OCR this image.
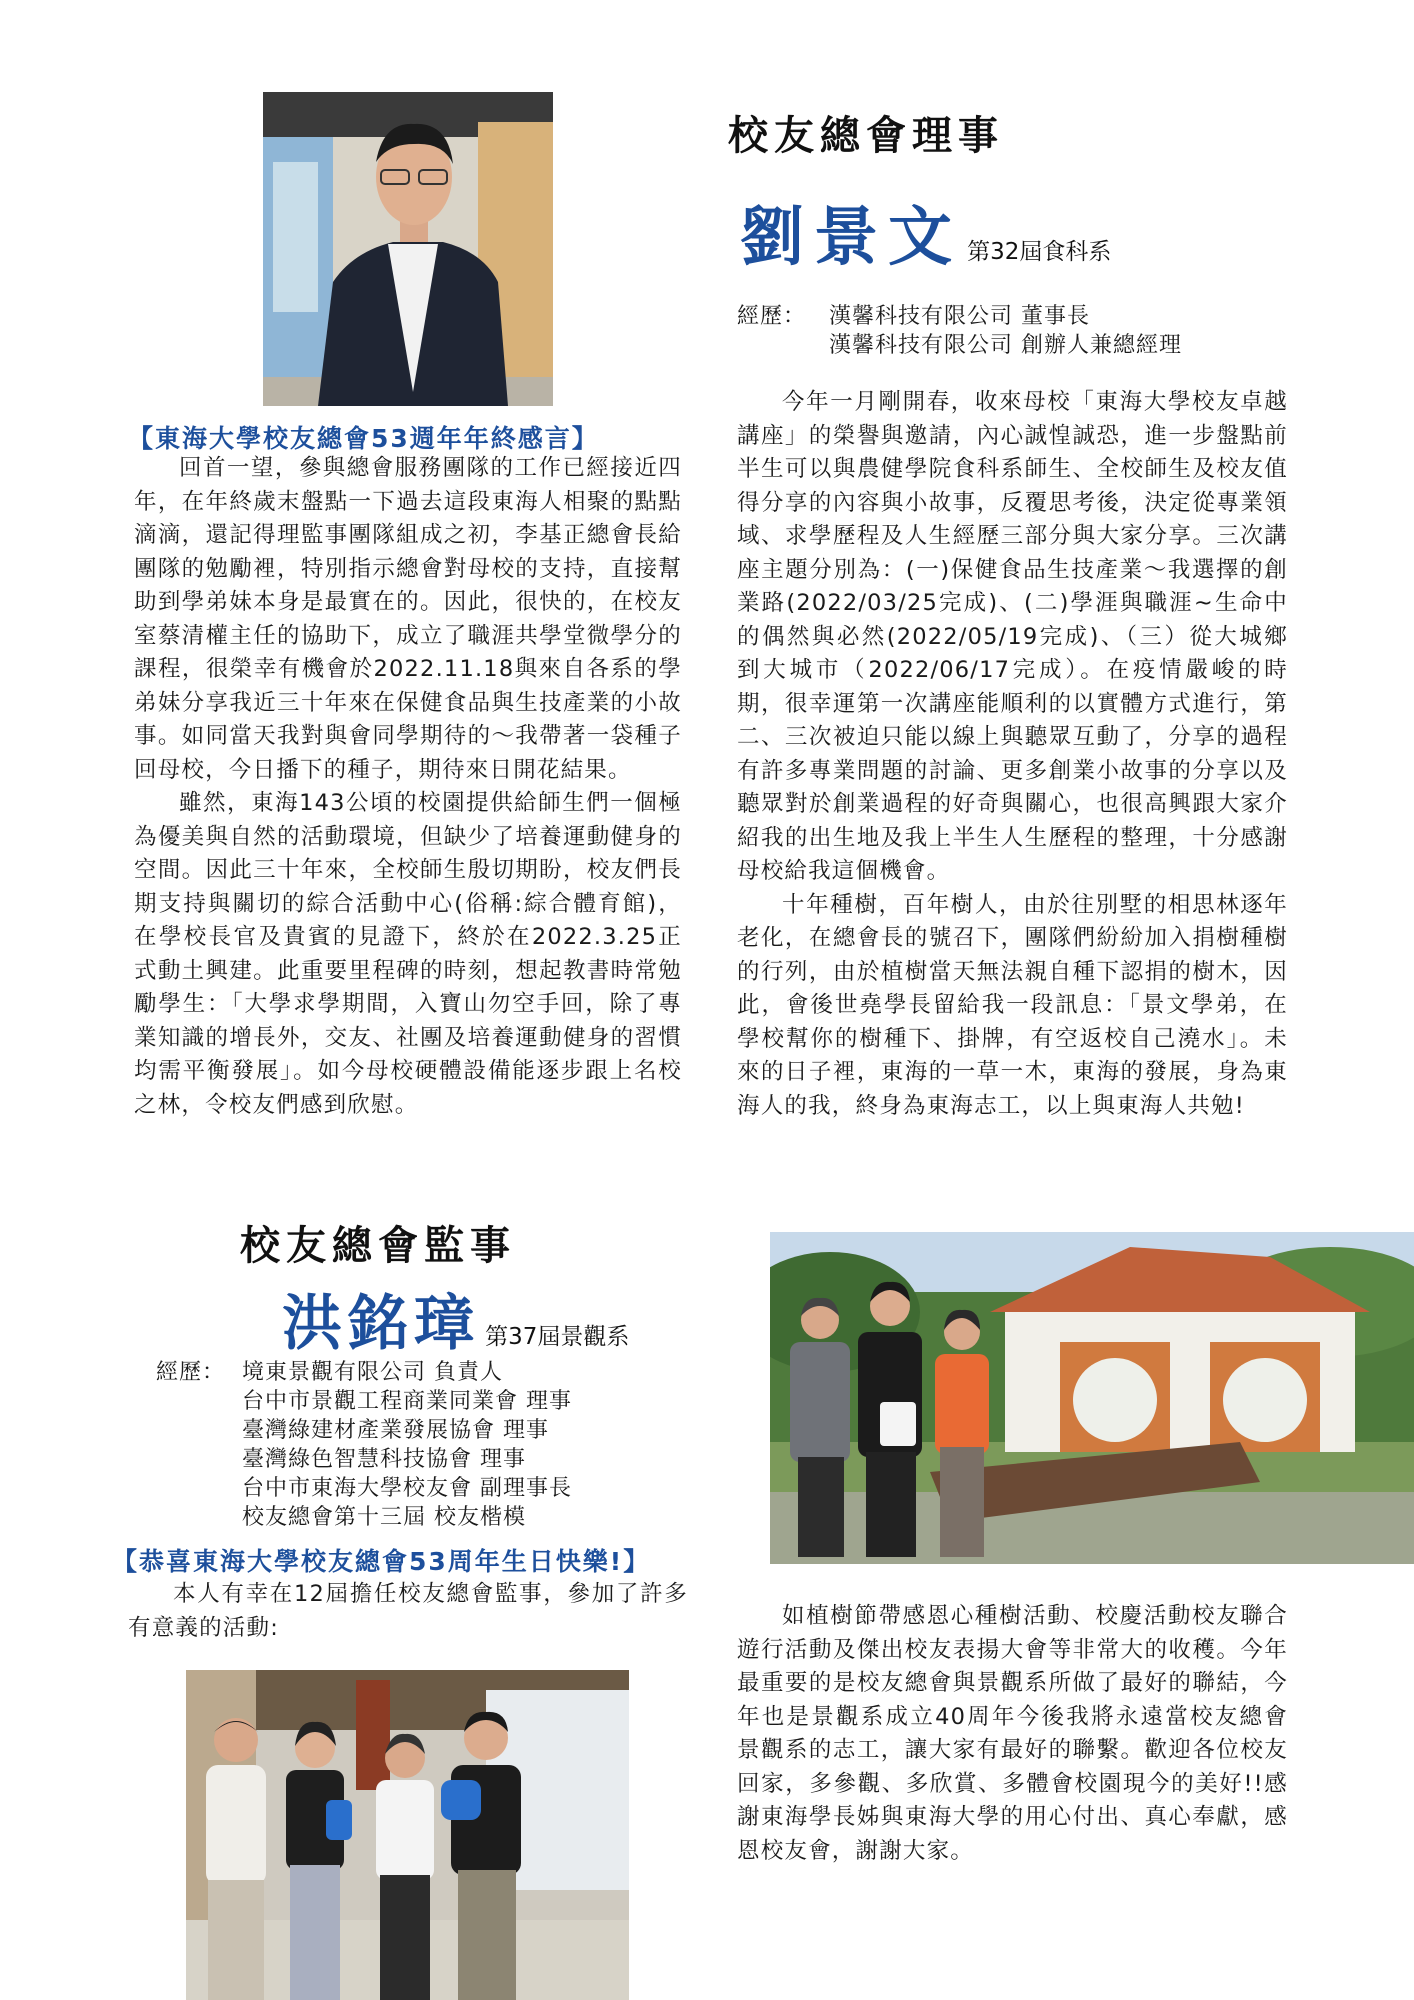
校友總會理事
劉景文 第32屆食科系
經歷： 漢馨科技有限公司 董事長
漢馨科技有限公司 創辦人兼總經理
【東海大學校友總會53週年年終感言】

回首一望，參與總會服務團隊的工作已經接近四年，在年終歲末盤點一下過去這段東海人相聚的點點滴滴，還記得理監事團隊組成之初，李基正總會長給團隊的勉勵裡，特別指示總會對母校的支持，直接幫助到學弟妹本身是最實在的。因此，很快的，在校友室蔡清權主任的協助下，成立了職涯共學堂微學分的課程，很榮幸有機會於2022.11.18與來自各系的學弟妹分享我近三十年來在保健食品與生技產業的小故事。如同當天我對與會同學期待的～我帶著一袋種子回母校，今日播下的種子，期待來日開花結果。

雖然，東海143公頃的校園提供給師生們一個極為優美與自然的活動環境，但缺少了培養運動健身的空間。因此三十年來，全校師生殷切期盼，校友們長期支持與關切的綜合活動中心(俗稱:綜合體育館)，在學校長官及貴賓的見證下，終於在2022.3.25正式動土興建。此重要里程碑的時刻，想起教書時常勉勵學生：「大學求學期間，入寶山勿空手回，除了專業知識的增長外，交友、社團及培養運動健身的習慣均需平衡發展」。如今母校硬體設備能逐步跟上名校之林，令校友們感到欣慰。

今年一月剛開春，收來母校「東海大學校友卓越講座」的榮譽與邀請，內心誠惶誠恐，進一步盤點前半生可以與農健學院食科系師生、全校師生及校友值得分享的內容與小故事，反覆思考後，決定從專業領域、求學歷程及人生經歷三部分與大家分享。三次講座主題分別為：(一)保健食品生技產業～我選擇的創業路(2022/03/25完成)、(二)學涯與職涯~生命中的偶然與必然(2022/05/19完成)、（三）從大城鄉到大城市（2022/06/17完成）。在疫情嚴峻的時期，很幸運第一次講座能順利的以實體方式進行，第二、三次被迫只能以線上與聽眾互動了，分享的過程有許多專業問題的討論、更多創業小故事的分享以及聽眾對於創業過程的好奇與關心，也很高興跟大家介紹我的出生地及我上半生人生歷程的整理，十分感謝母校給我這個機會。

十年種樹，百年樹人，由於往別墅的相思林逐年老化，在總會長的號召下，團隊們紛紛加入捐樹種樹的行列，由於植樹當天無法親自種下認捐的樹木，因此，會後世堯學長留給我一段訊息：「景文學弟，在學校幫你的樹種下、掛牌，有空返校自己澆水」。未來的日子裡，東海的一草一木，東海的發展，身為東海人的我，終身為東海志工，以上與東海人共勉!

校友總會監事
洪銘璋 第37屆景觀系
經歷： 境東景觀有限公司 負責人
台中市景觀工程商業同業會 理事
臺灣綠建材產業發展協會 理事
臺灣綠色智慧科技協會 理事
台中市東海大學校友會 副理事長
校友總會第十三屆 校友楷模
【恭喜東海大學校友總會53周年生日快樂!】

本人有幸在12屆擔任校友總會監事，參加了許多有意義的活動:	如植樹節帶感恩心種樹活動、校慶活動校友聯合遊行活動及傑出校友表揚大會等非常大的收穫。今年最重要的是校友總會與景觀系所做了最好的聯結，今年也是景觀系成立40周年今後我將永遠當校友總會景觀系的志工，讓大家有最好的聯繫。歡迎各位校友回家，多參觀、多欣賞、多體會校園現今的美好!!感謝東海學長姊與東海大學的用心付出、真心奉獻，感恩校友會，謝謝大家。
